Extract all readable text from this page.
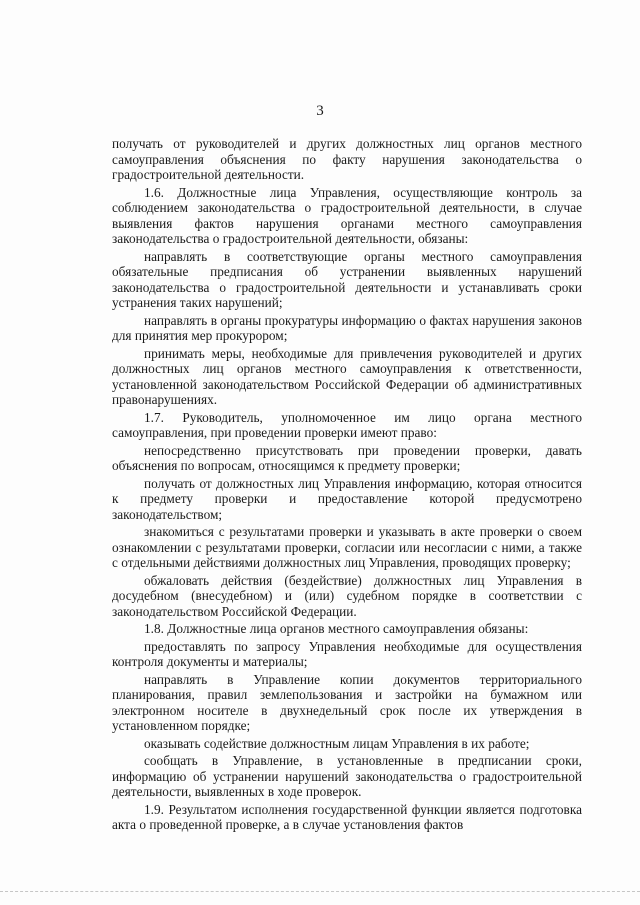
3

получать от руководителей и других должностных лиц органов местного самоуправления объяснения по факту нарушения законодательства о градостроительной деятельности.

1.6. Должностные лица Управления, осуществляющие контроль за соблюдением законодательства о градостроительной деятельности, в случае выявления фактов нарушения органами местного самоуправления законодательства о градостроительной деятельности, обязаны:

направлять в соответствующие органы местного самоуправления обязательные предписания об устранении выявленных нарушений законодательства о градостроительной деятельности и устанавливать сроки устранения таких нарушений;

направлять в органы прокуратуры информацию о фактах нарушения законов для принятия мер прокурором;

принимать меры, необходимые для привлечения руководителей и других должностных лиц органов местного самоуправления к ответственности, установленной законодательством Российской Федерации об административных правонарушениях.

1.7. Руководитель, уполномоченное им лицо органа местного самоуправления, при проведении проверки имеют право:

непосредственно присутствовать при проведении проверки, давать объяснения по вопросам, относящимся к предмету проверки;

получать от должностных лиц Управления информацию, которая относится к предмету проверки и предоставление которой предусмотрено законодательством;

знакомиться с результатами проверки и указывать в акте проверки о своем ознакомлении с результатами проверки, согласии или несогласии с ними, а также с отдельными действиями должностных лиц Управления, проводящих проверку;

обжаловать действия (бездействие) должностных лиц Управления в досудебном (внесудебном) и (или) судебном порядке в соответствии с законодательством Российской Федерации.

1.8. Должностные лица органов местного самоуправления обязаны:

предоставлять по запросу Управления необходимые для осуществления контроля документы и материалы;

направлять в Управление копии документов территориального планирования, правил землепользования и застройки на бумажном или электронном носителе в двухнедельный срок после их утверждения в установленном порядке;

оказывать содействие должностным лицам Управления в их работе;

сообщать в Управление, в установленные в предписании сроки, информацию об устранении нарушений законодательства о градостроительной деятельности, выявленных в ходе проверок.

1.9. Результатом исполнения государственной функции является подготовка акта о проведенной проверке, а в случае установления фактов
